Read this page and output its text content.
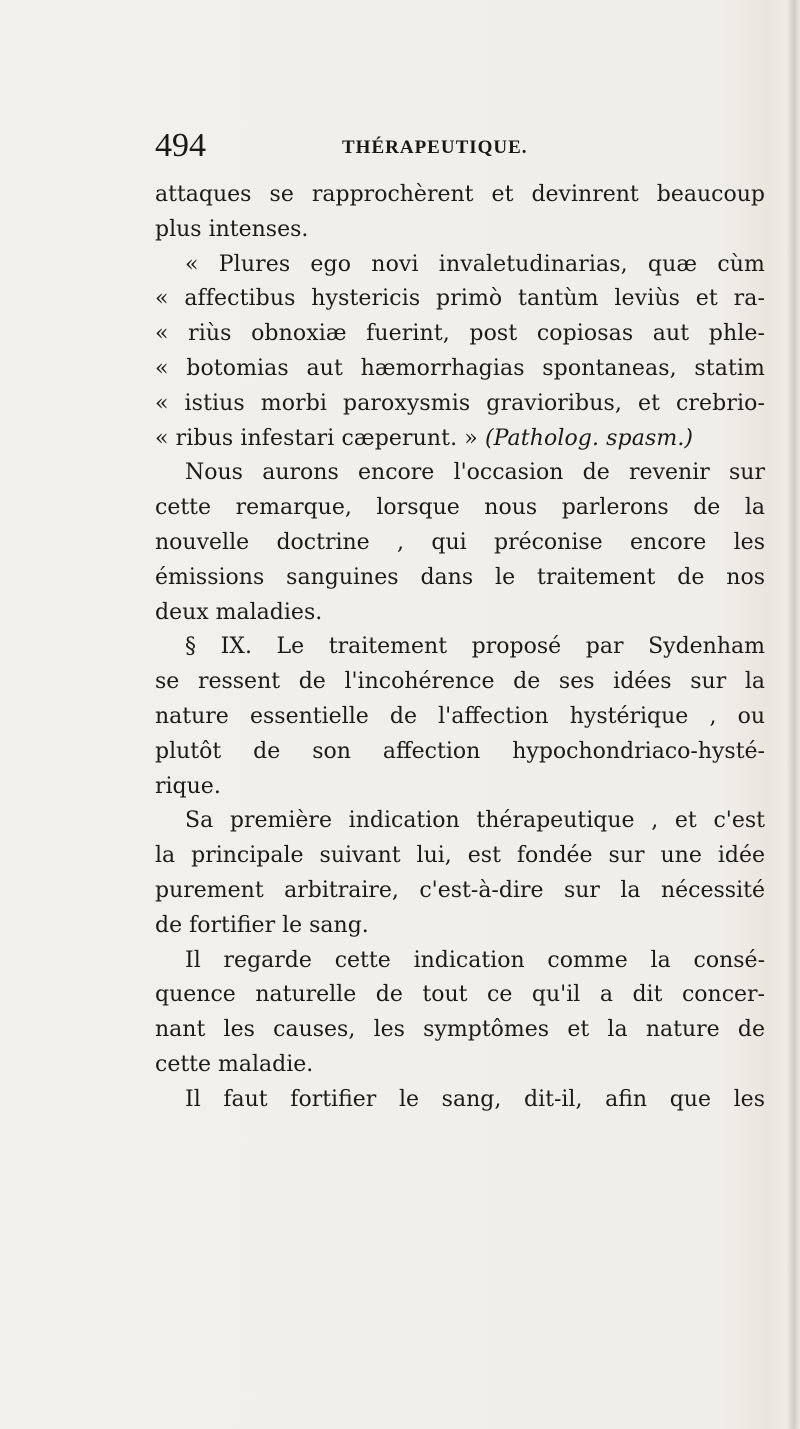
494	THÉRAPEUTIQUE.
attaques se rapprochèrent et devinrent beaucoup
plus intenses.
« Plures ego novi invaletudinarias, quæ cùm
« affectibus hystericis primò tantùm leviùs et ra-
« riùs obnoxiæ fuerint, post copiosas aut phle-
« botomias aut hæmorrhagias spontaneas, statim
« istius morbi paroxysmis gravioribus, et crebrio-
« ribus infestari cæperunt. » (Patholog. spasm.)
Nous aurons encore l'occasion de revenir sur
cette remarque, lorsque nous parlerons de la
nouvelle doctrine , qui préconise encore les
émissions sanguines dans le traitement de nos
deux maladies.
§ IX. Le traitement proposé par Sydenham
se ressent de l'incohérence de ses idées sur la
nature essentielle de l'affection hystérique , ou
plutôt de son affection hypochondriaco-hysté-
rique.
Sa première indication thérapeutique , et c'est
la principale suivant lui, est fondée sur une idée
purement arbitraire, c'est-à-dire sur la nécessité
de fortifier le sang.
Il regarde cette indication comme la consé-
quence naturelle de tout ce qu'il a dit concer-
nant les causes, les symptômes et la nature de
cette maladie.
Il faut fortifier le sang, dit-il, afin que les
